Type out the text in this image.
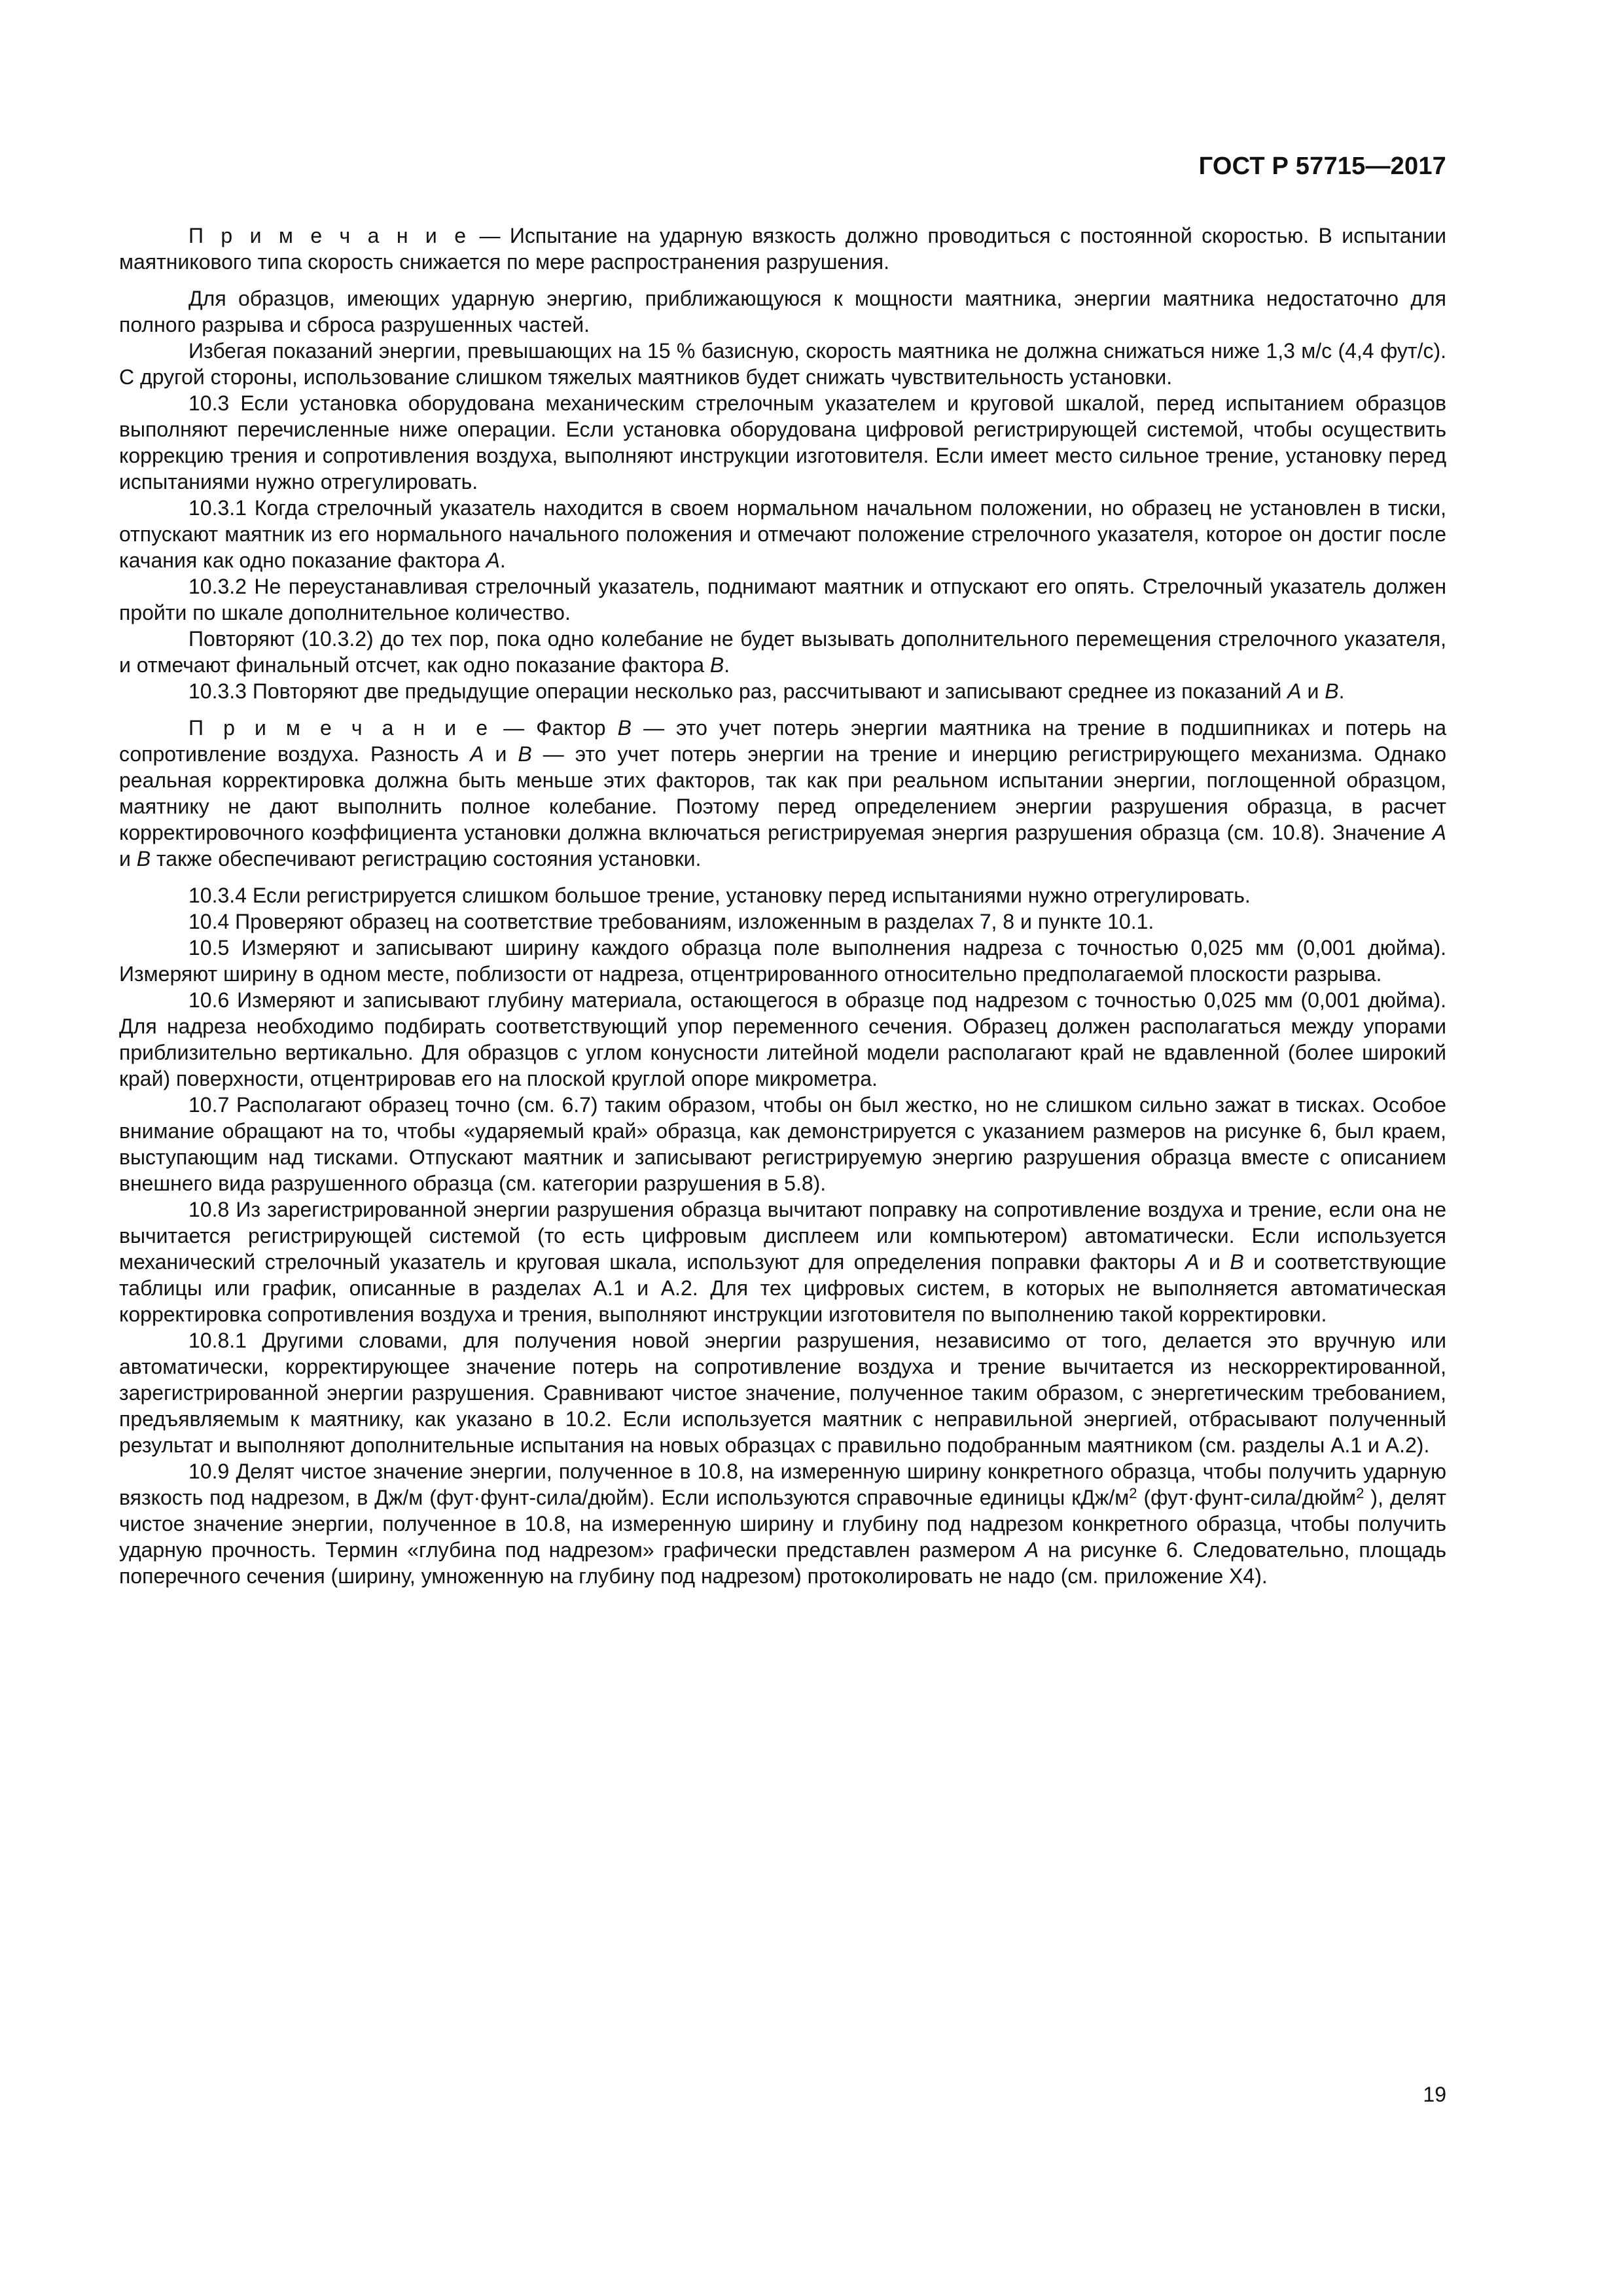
ГОСТ Р 57715—2017

П р и м е ч а н и е — Испытание на ударную вязкость должно проводиться с постоянной скоростью. В испытании маятникового типа скорость снижается по мере распространения разрушения.

Для образцов, имеющих ударную энергию, приближающуюся к мощности маятника, энергии маятника недостаточно для полного разрыва и сброса разрушенных частей.

Избегая показаний энергии, превышающих на 15 % базисную, скорость маятника не должна снижаться ниже 1,3 м/с (4,4 фут/с). С другой стороны, использование слишком тяжелых маятников будет снижать чувствительность установки.

10.3 Если установка оборудована механическим стрелочным указателем и круговой шкалой, перед испытанием образцов выполняют перечисленные ниже операции. Если установка оборудована цифровой регистрирующей системой, чтобы осуществить коррекцию трения и сопротивления воздуха, выполняют инструкции изготовителя. Если имеет место сильное трение, установку перед испытаниями нужно отрегулировать.

10.3.1 Когда стрелочный указатель находится в своем нормальном начальном положении, но образец не установлен в тиски, отпускают маятник из его нормального начального положения и отмечают положение стрелочного указателя, которое он достиг после качания как одно показание фактора А.

10.3.2 Не переустанавливая стрелочный указатель, поднимают маятник и отпускают его опять. Стрелочный указатель должен пройти по шкале дополнительное количество.

Повторяют (10.3.2) до тех пор, пока одно колебание не будет вызывать дополнительного перемещения стрелочного указателя, и отмечают финальный отсчет, как одно показание фактора В.

10.3.3 Повторяют две предыдущие операции несколько раз, рассчитывают и записывают среднее из показаний А и В.

П р и м е ч а н и е — Фактор В — это учет потерь энергии маятника на трение в подшипниках и потерь на сопротивление воздуха. Разность А и В — это учет потерь энергии на трение и инерцию регистрирующего механизма. Однако реальная корректировка должна быть меньше этих факторов, так как при реальном испытании энергии, поглощенной образцом, маятнику не дают выполнить полное колебание. Поэтому перед определением энергии разрушения образца, в расчет корректировочного коэффициента установки должна включаться регистрируемая энергия разрушения образца (см. 10.8). Значение А и В также обеспечивают регистрацию состояния установки.

10.3.4 Если регистрируется слишком большое трение, установку перед испытаниями нужно отрегулировать.

10.4 Проверяют образец на соответствие требованиям, изложенным в разделах 7, 8 и пункте 10.1.

10.5 Измеряют и записывают ширину каждого образца поле выполнения надреза с точностью 0,025 мм (0,001 дюйма). Измеряют ширину в одном месте, поблизости от надреза, отцентрированного относительно предполагаемой плоскости разрыва.

10.6 Измеряют и записывают глубину материала, остающегося в образце под надрезом с точностью 0,025 мм (0,001 дюйма). Для надреза необходимо подбирать соответствующий упор переменного сечения. Образец должен располагаться между упорами приблизительно вертикально. Для образцов с углом конусности литейной модели располагают край не вдавленной (более широкий край) поверхности, отцентрировав его на плоской круглой опоре микрометра.

10.7 Располагают образец точно (см. 6.7) таким образом, чтобы он был жестко, но не слишком сильно зажат в тисках. Особое внимание обращают на то, чтобы «ударяемый край» образца, как демонстрируется с указанием размеров на рисунке 6, был краем, выступающим над тисками. Отпускают маятник и записывают регистрируемую энергию разрушения образца вместе с описанием внешнего вида разрушенного образца (см. категории разрушения в 5.8).

10.8 Из зарегистрированной энергии разрушения образца вычитают поправку на сопротивление воздуха и трение, если она не вычитается регистрирующей системой (то есть цифровым дисплеем или компьютером) автоматически. Если используется механический стрелочный указатель и круговая шкала, используют для определения поправки факторы А и В и соответствующие таблицы или график, описанные в разделах А.1 и А.2. Для тех цифровых систем, в которых не выполняется автоматическая корректировка сопротивления воздуха и трения, выполняют инструкции изготовителя по выполнению такой корректировки.

10.8.1 Другими словами, для получения новой энергии разрушения, независимо от того, делается это вручную или автоматически, корректирующее значение потерь на сопротивление воздуха и трение вычитается из нескорректированной, зарегистрированной энергии разрушения. Сравнивают чистое значение, полученное таким образом, с энергетическим требованием, предъявляемым к маятнику, как указано в 10.2. Если используется маятник с неправильной энергией, отбрасывают полученный результат и выполняют дополнительные испытания на новых образцах с правильно подобранным маятником (см. разделы А.1 и А.2).

10.9 Делят чистое значение энергии, полученное в 10.8, на измеренную ширину конкретного образца, чтобы получить ударную вязкость под надрезом, в Дж/м (фут·фунт-сила/дюйм). Если используются справочные единицы кДж/$м^2$ (фут·фунт-сила/дюйм$^2$ ), делят чистое значение энергии, полученное в 10.8, на измеренную ширину и глубину под надрезом конкретного образца, чтобы получить ударную прочность. Термин «глубина под надрезом» графически представлен размером А на рисунке 6. Следовательно, площадь поперечного сечения (ширину, умноженную на глубину под надрезом) протоколировать не надо (см. приложение Х4).

19
